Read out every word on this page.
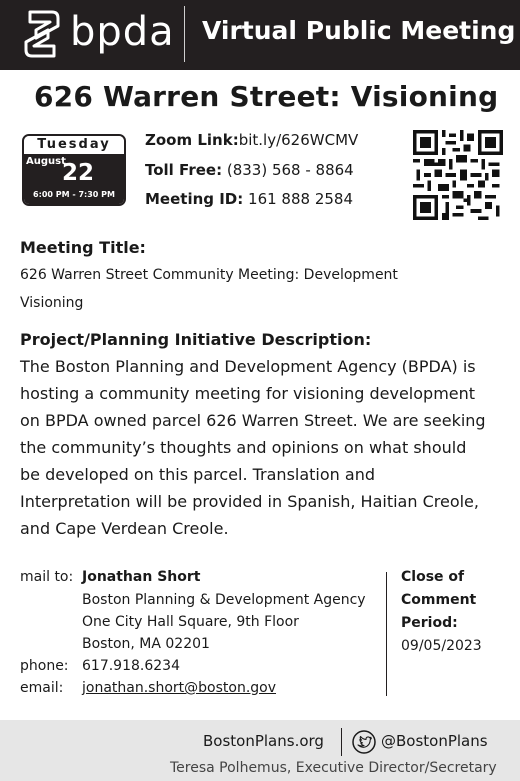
bpda Virtual Public Meeting
626 Warren Street: Visioning
Tuesday
August
22
6:00 PM - 7:30 PM
Zoom Link:bit.ly/626WCMV
Toll Free: (833) 568 - 8864
Meeting ID: 161 888 2584
Meeting Title:
626 Warren Street Community Meeting: Development
Visioning
Project/Planning Initiative Description:
The Boston Planning and Development Agency (BPDA) is
hosting a community meeting for visioning development
on BPDA owned parcel 626 Warren Street. We are seeking
the community’s thoughts and opinions on what should
be developed on this parcel. Translation and
Interpretation will be provided in Spanish, Haitian Creole,
and Cape Verdean Creole.
mail to: Jonathan Short
Boston Planning & Development Agency
One City Hall Square, 9th Floor
Boston, MA 02201
phone: 617.918.6234
email: jonathan.short@boston.gov
Close of
Comment
Period:
09/05/2023
BostonPlans.org	@BostonPlans
Teresa Polhemus, Executive Director/Secretary
